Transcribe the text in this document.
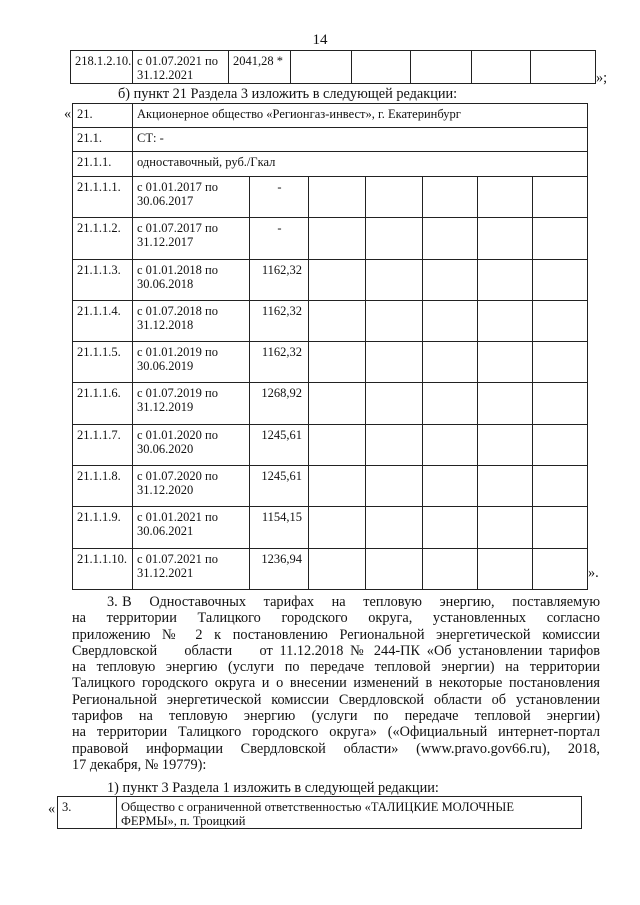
14
218.1.2.10.	с 01.07.2021 по 31.12.2021	2041,28 *					
»;
б) пункт 21 Раздела 3 изложить в следующей редакции:
« 21.	Акционерное общество «Регионгаз-инвест», г. Екатеринбург						
21.1.	СТ: -						
21.1.1.	одноставочный, руб./Гкал						
21.1.1.1.	с 01.01.2017 по 30.06.2017	-					
21.1.1.2.	с 01.07.2017 по 31.12.2017	-					
21.1.1.3.	с 01.01.2018 по 30.06.2018	1162,32					
21.1.1.4.	с 01.07.2018 по 31.12.2018	1162,32					
21.1.1.5.	с 01.01.2019 по 30.06.2019	1162,32					
21.1.1.6.	с 01.07.2019 по 31.12.2019	1268,92					
21.1.1.7.	с 01.01.2020 по 30.06.2020	1245,61					
21.1.1.8.	с 01.07.2020 по 31.12.2020	1245,61					
21.1.1.9.	с 01.01.2021 по 30.06.2021	1154,15					
21.1.1.10.	с 01.07.2021 по 31.12.2021	1236,94					
».
3. В    Одноставочных    тарифах    на    тепловую    энергию,    поставляемую
на    территории    Талицкого    городского    округа,    установленных    согласно
приложению № 2 к постановлению Региональной энергетической комиссии
Свердловской    области    от 11.12.2018 № 244-ПК «Об установлении тарифов
на тепловую энергию (услуги по передаче тепловой энергии) на территории
Талицкого городского округа и о внесении изменений в некоторые постановления
Региональной энергетической комиссии Свердловской области об установлении
тарифов на тепловую энергию (услуги по передаче тепловой энергии)
на территории Талицкого городского округа» («Официальный интернет-портал
правовой информации Свердловской области» (www.pravo.gov66.ru), 2018,
17 декабря, № 19779):
1) пункт 3 Раздела 1 изложить в следующей редакции:
« 3.	Общество с ограниченной ответственностью «ТАЛИЦКИЕ МОЛОЧНЫЕ
ФЕРМЫ», п. Троицкий
